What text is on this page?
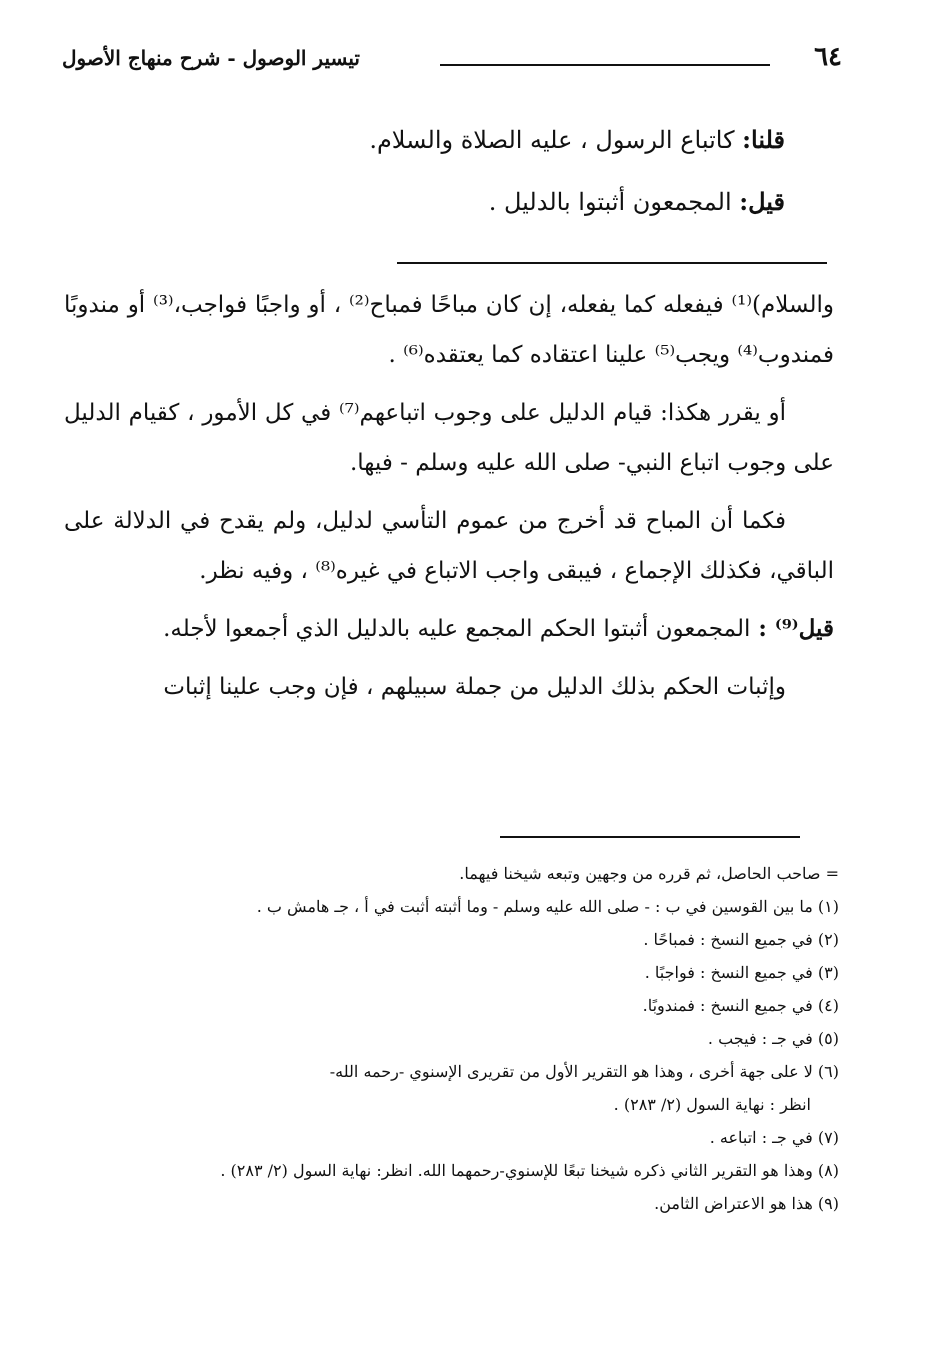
٦٤
تيسير الوصول - شرح منهاج الأصول
قلنا: كاتباع الرسول ، عليه الصلاة والسلام.
قيل: المجمعون أثبتوا بالدليل .

والسلام)⁽¹⁾ فيفعله كما يفعله، إن كان مباحًا فمباح⁽²⁾ ، أو واجبًا فواجب،⁽³⁾ أو مندوبًا فمندوب⁽⁴⁾ ويجب⁽⁵⁾ علينا اعتقاده كما يعتقده⁽⁶⁾ .

أو يقرر هكذا: قيام الدليل على وجوب اتباعهم⁽⁷⁾ في كل الأمور ، كقيام الدليل على وجوب اتباع النبي- صلى الله عليه وسلم - فيها.

فكما أن المباح قد أخرج من عموم التأسي لدليل، ولم يقدح في الدلالة على الباقي، فكذلك الإجماع ، فيبقى واجب الاتباع في غيره⁽⁸⁾ ، وفيه نظر.

قيل⁽⁹⁾ : المجمعون أثبتوا الحكم المجمع عليه بالدليل الذي أجمعوا لأجله.

وإثبات الحكم بذلك الدليل من جملة سبيلهم ، فإن وجب علينا إثبات

= صاحب الحاصل، ثم قرره من وجهين وتبعه شيخنا فيهما.

(١) ما بين القوسين في ب : - صلى الله عليه وسلم - وما أثبته أثبت في أ ، جـ هامش ب .

(٢) في جميع النسخ : فمباحًا .

(٣) في جميع النسخ : فواجبًا .

(٤) في جميع النسخ : فمندوبًا.

(٥) في جـ : فيجب .

(٦) لا على جهة أخرى ، وهذا هو التقرير الأول من تقريرى الإسنوي -رحمه الله-

انظر : نهاية السول (٢/ ٢٨٣) .

(٧) في جـ : اتباعه .

(٨) وهذا هو التقرير الثاني ذكره شيخنا تبعًا للإسنوي-رحمهما الله. انظر: نهاية السول (٢/ ٢٨٣) .

(٩) هذا هو الاعتراض الثامن.
